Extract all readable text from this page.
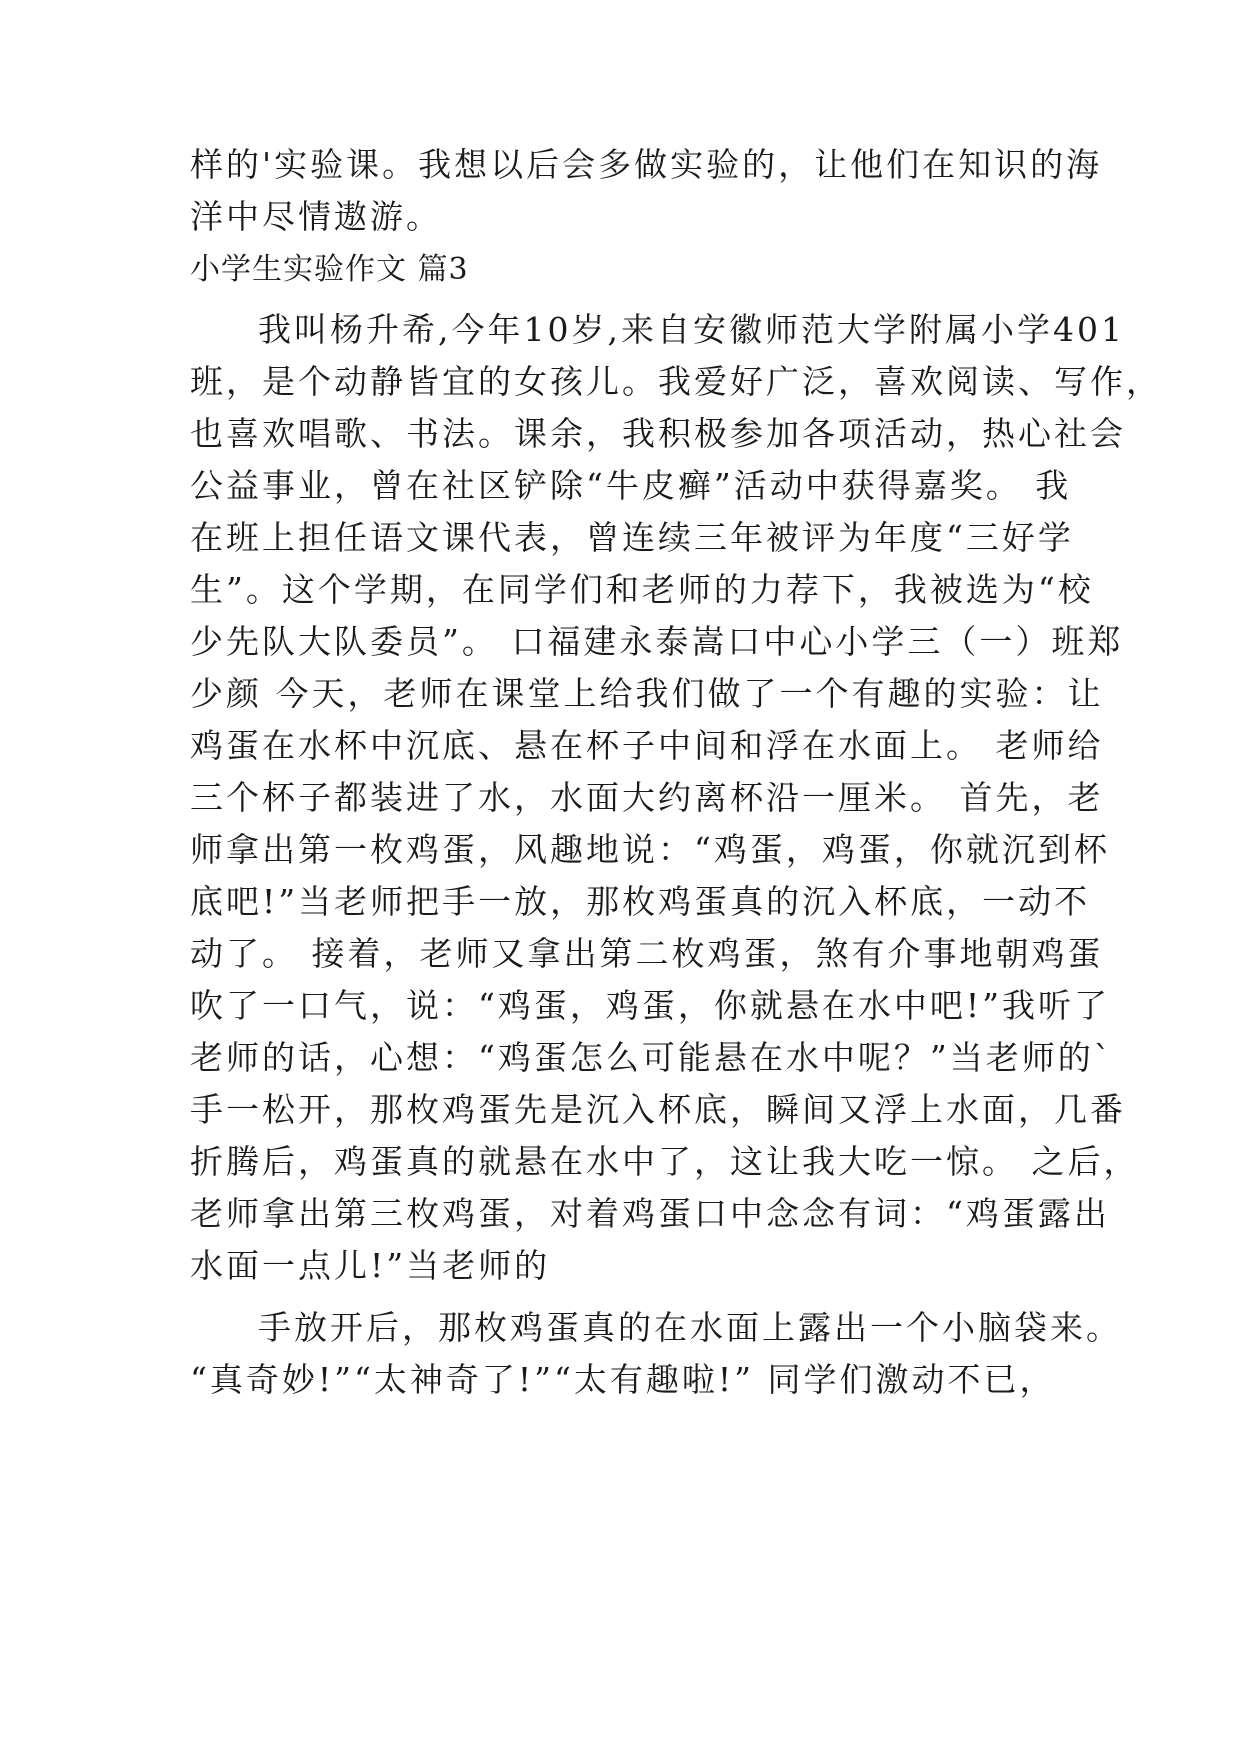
样的'实验课。我想以后会多做实验的，让他们在知识的海
洋中尽情遨游。
小学生实验作文 篇3
我叫杨升希,今年10岁,来自安徽师范大学附属小学401
班，是个动静皆宜的女孩儿。我爱好广泛，喜欢阅读、写作，
也喜欢唱歌、书法。课余，我积极参加各项活动，热心社会
公益事业，曾在社区铲除“牛皮癣”活动中获得嘉奖。 我
在班上担任语文课代表，曾连续三年被评为年度“三好学
生”。这个学期，在同学们和老师的力荐下，我被选为“校
少先队大队委员”。 口福建永泰嵩口中心小学三（一）班郑
少颜 今天，老师在课堂上给我们做了一个有趣的实验：让
鸡蛋在水杯中沉底、悬在杯子中间和浮在水面上。 老师给
三个杯子都装进了水，水面大约离杯沿一厘米。 首先，老
师拿出第一枚鸡蛋，风趣地说：“鸡蛋，鸡蛋，你就沉到杯
底吧!”当老师把手一放，那枚鸡蛋真的沉入杯底，一动不
动了。 接着，老师又拿出第二枚鸡蛋，煞有介事地朝鸡蛋
吹了一口气，说：“鸡蛋，鸡蛋，你就悬在水中吧!”我听了
老师的话，心想：“鸡蛋怎么可能悬在水中呢？”当老师的`
手一松开，那枚鸡蛋先是沉入杯底，瞬间又浮上水面，几番
折腾后，鸡蛋真的就悬在水中了，这让我大吃一惊。 之后，
老师拿出第三枚鸡蛋，对着鸡蛋口中念念有词：“鸡蛋露出
水面一点儿!”当老师的
手放开后，那枚鸡蛋真的在水面上露出一个小脑袋来。
“真奇妙!”“太神奇了!”“太有趣啦!” 同学们激动不已，
